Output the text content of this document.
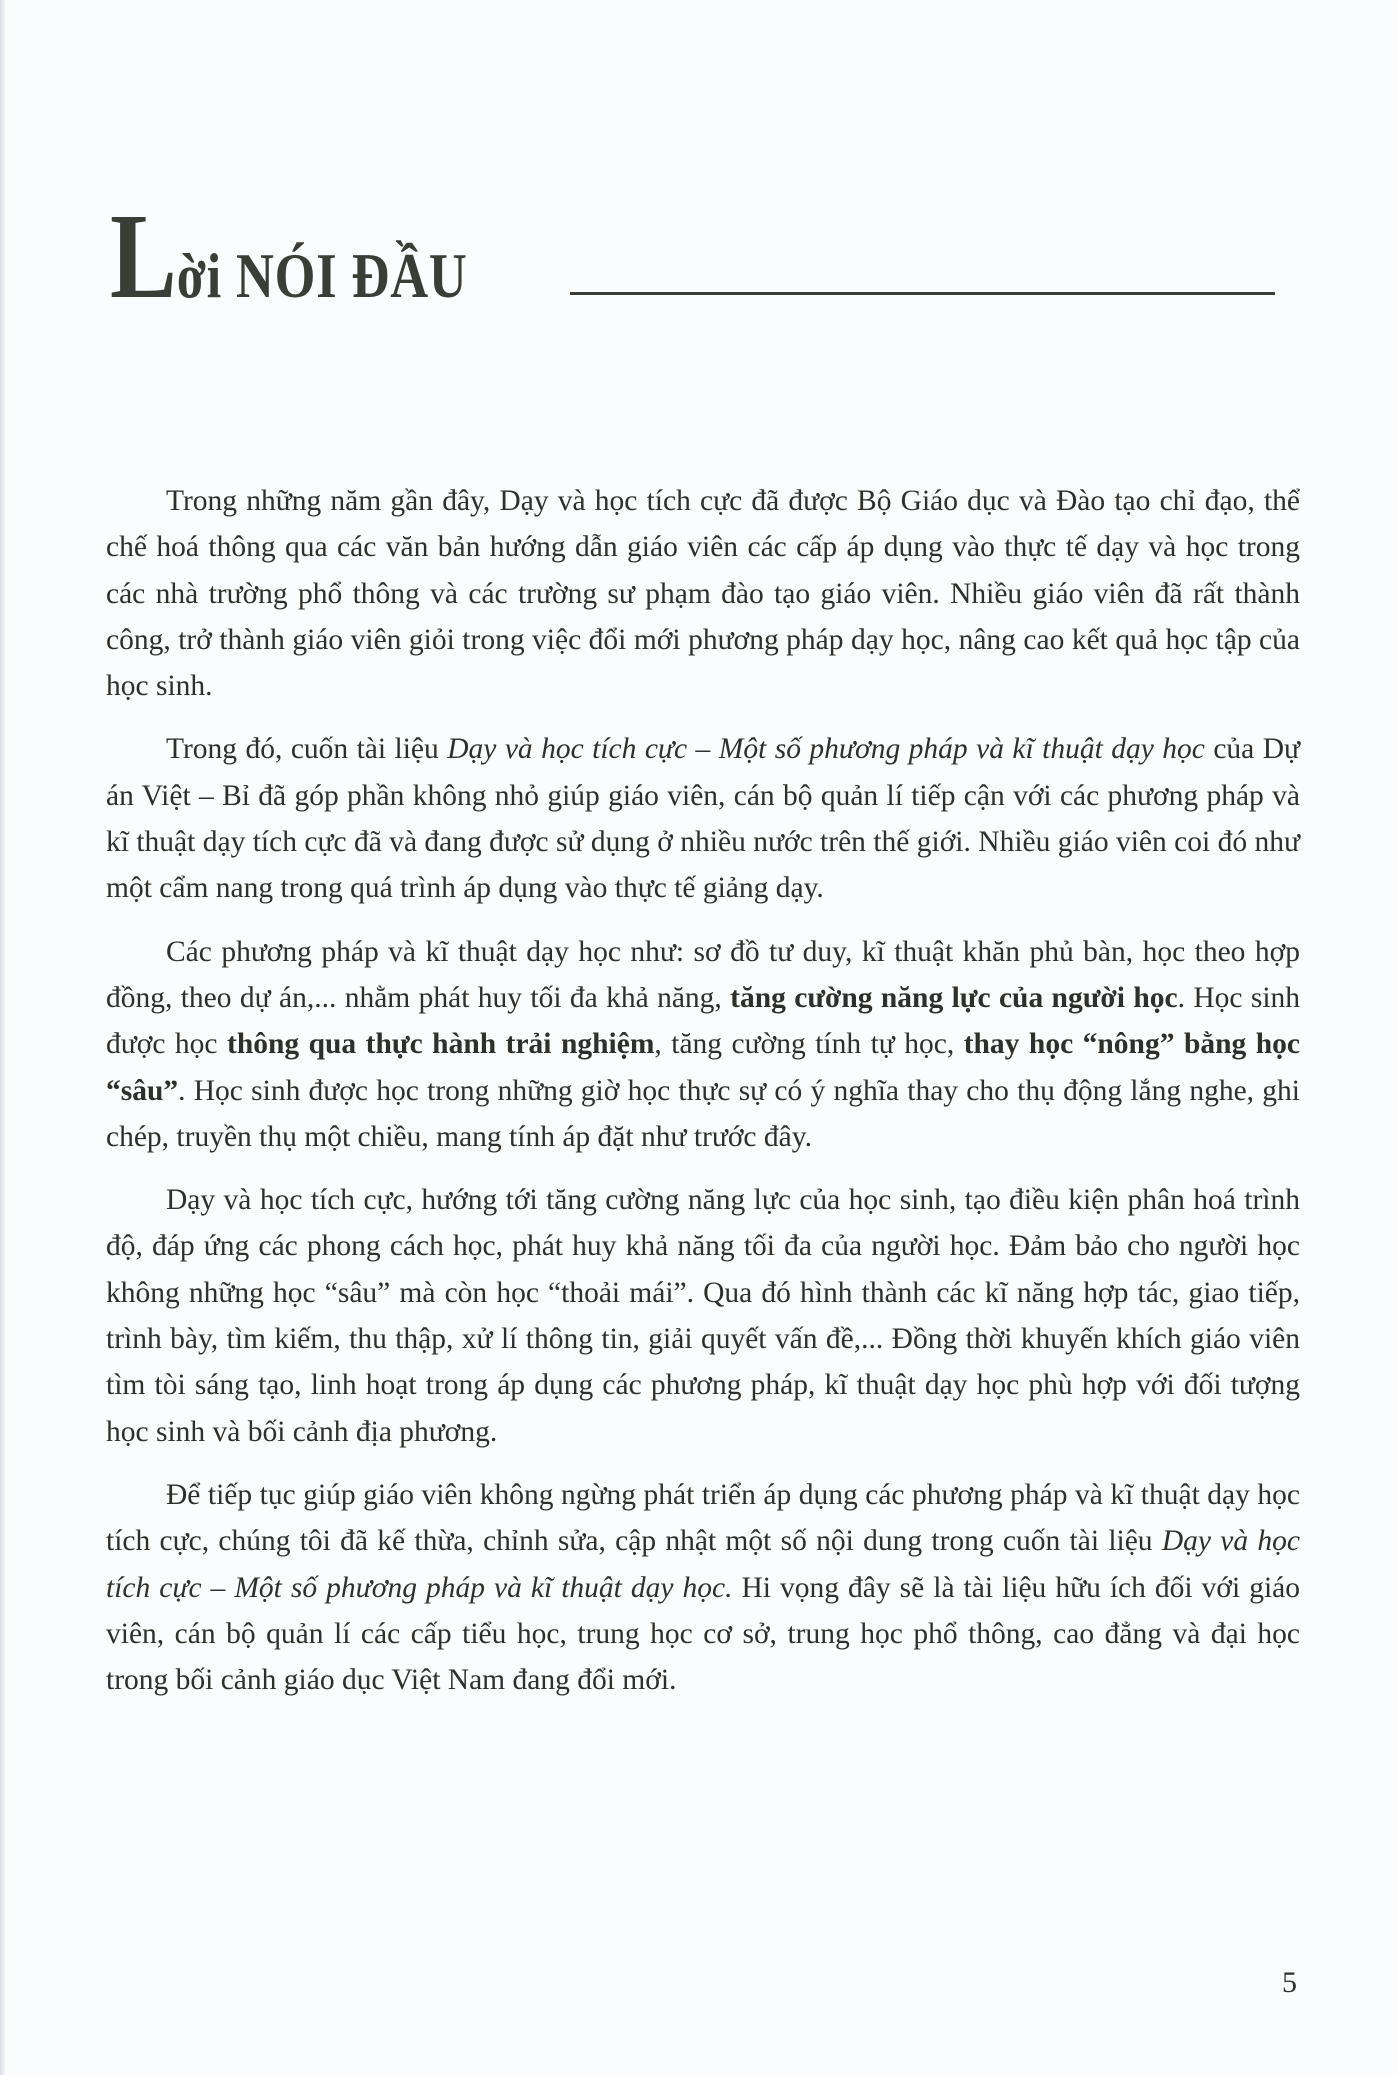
L ời NÓI ĐẦU

Trong những năm gần đây, Dạy và học tích cực đã được Bộ Giáo dục và Đào tạo chỉ đạo, thể chế hoá thông qua các văn bản hướng dẫn giáo viên các cấp áp dụng vào thực tế dạy và học trong các nhà trường phổ thông và các trường sư phạm đào tạo giáo viên. Nhiều giáo viên đã rất thành công, trở thành giáo viên giỏi trong việc đổi mới phương pháp dạy học, nâng cao kết quả học tập của học sinh.

Trong đó, cuốn tài liệu Dạy và học tích cực – Một số phương pháp và kĩ thuật dạy học của Dự án Việt – Bỉ đã góp phần không nhỏ giúp giáo viên, cán bộ quản lí tiếp cận với các phương pháp và kĩ thuật dạy tích cực đã và đang được sử dụng ở nhiều nước trên thế giới. Nhiều giáo viên coi đó như một cẩm nang trong quá trình áp dụng vào thực tế giảng dạy.

Các phương pháp và kĩ thuật dạy học như: sơ đồ tư duy, kĩ thuật khăn phủ bàn, học theo hợp đồng, theo dự án,... nhằm phát huy tối đa khả năng, tăng cường năng lực của người học. Học sinh được học thông qua thực hành trải nghiệm, tăng cường tính tự học, thay học “nông” bằng học “sâu”. Học sinh được học trong những giờ học thực sự có ý nghĩa thay cho thụ động lắng nghe, ghi chép, truyền thụ một chiều, mang tính áp đặt như trước đây.

Dạy và học tích cực, hướng tới tăng cường năng lực của học sinh, tạo điều kiện phân hoá trình độ, đáp ứng các phong cách học, phát huy khả năng tối đa của người học. Đảm bảo cho người học không những học “sâu” mà còn học “thoải mái”. Qua đó hình thành các kĩ năng hợp tác, giao tiếp, trình bày, tìm kiếm, thu thập, xử lí thông tin, giải quyết vấn đề,... Đồng thời khuyến khích giáo viên tìm tòi sáng tạo, linh hoạt trong áp dụng các phương pháp, kĩ thuật dạy học phù hợp với đối tượng học sinh và bối cảnh địa phương.

Để tiếp tục giúp giáo viên không ngừng phát triển áp dụng các phương pháp và kĩ thuật dạy học tích cực, chúng tôi đã kế thừa, chỉnh sửa, cập nhật một số nội dung trong cuốn tài liệu Dạy và học tích cực – Một số phương pháp và kĩ thuật dạy học. Hi vọng đây sẽ là tài liệu hữu ích đối với giáo viên, cán bộ quản lí các cấp tiểu học, trung học cơ sở, trung học phổ thông, cao đẳng và đại học trong bối cảnh giáo dục Việt Nam đang đổi mới.

5
